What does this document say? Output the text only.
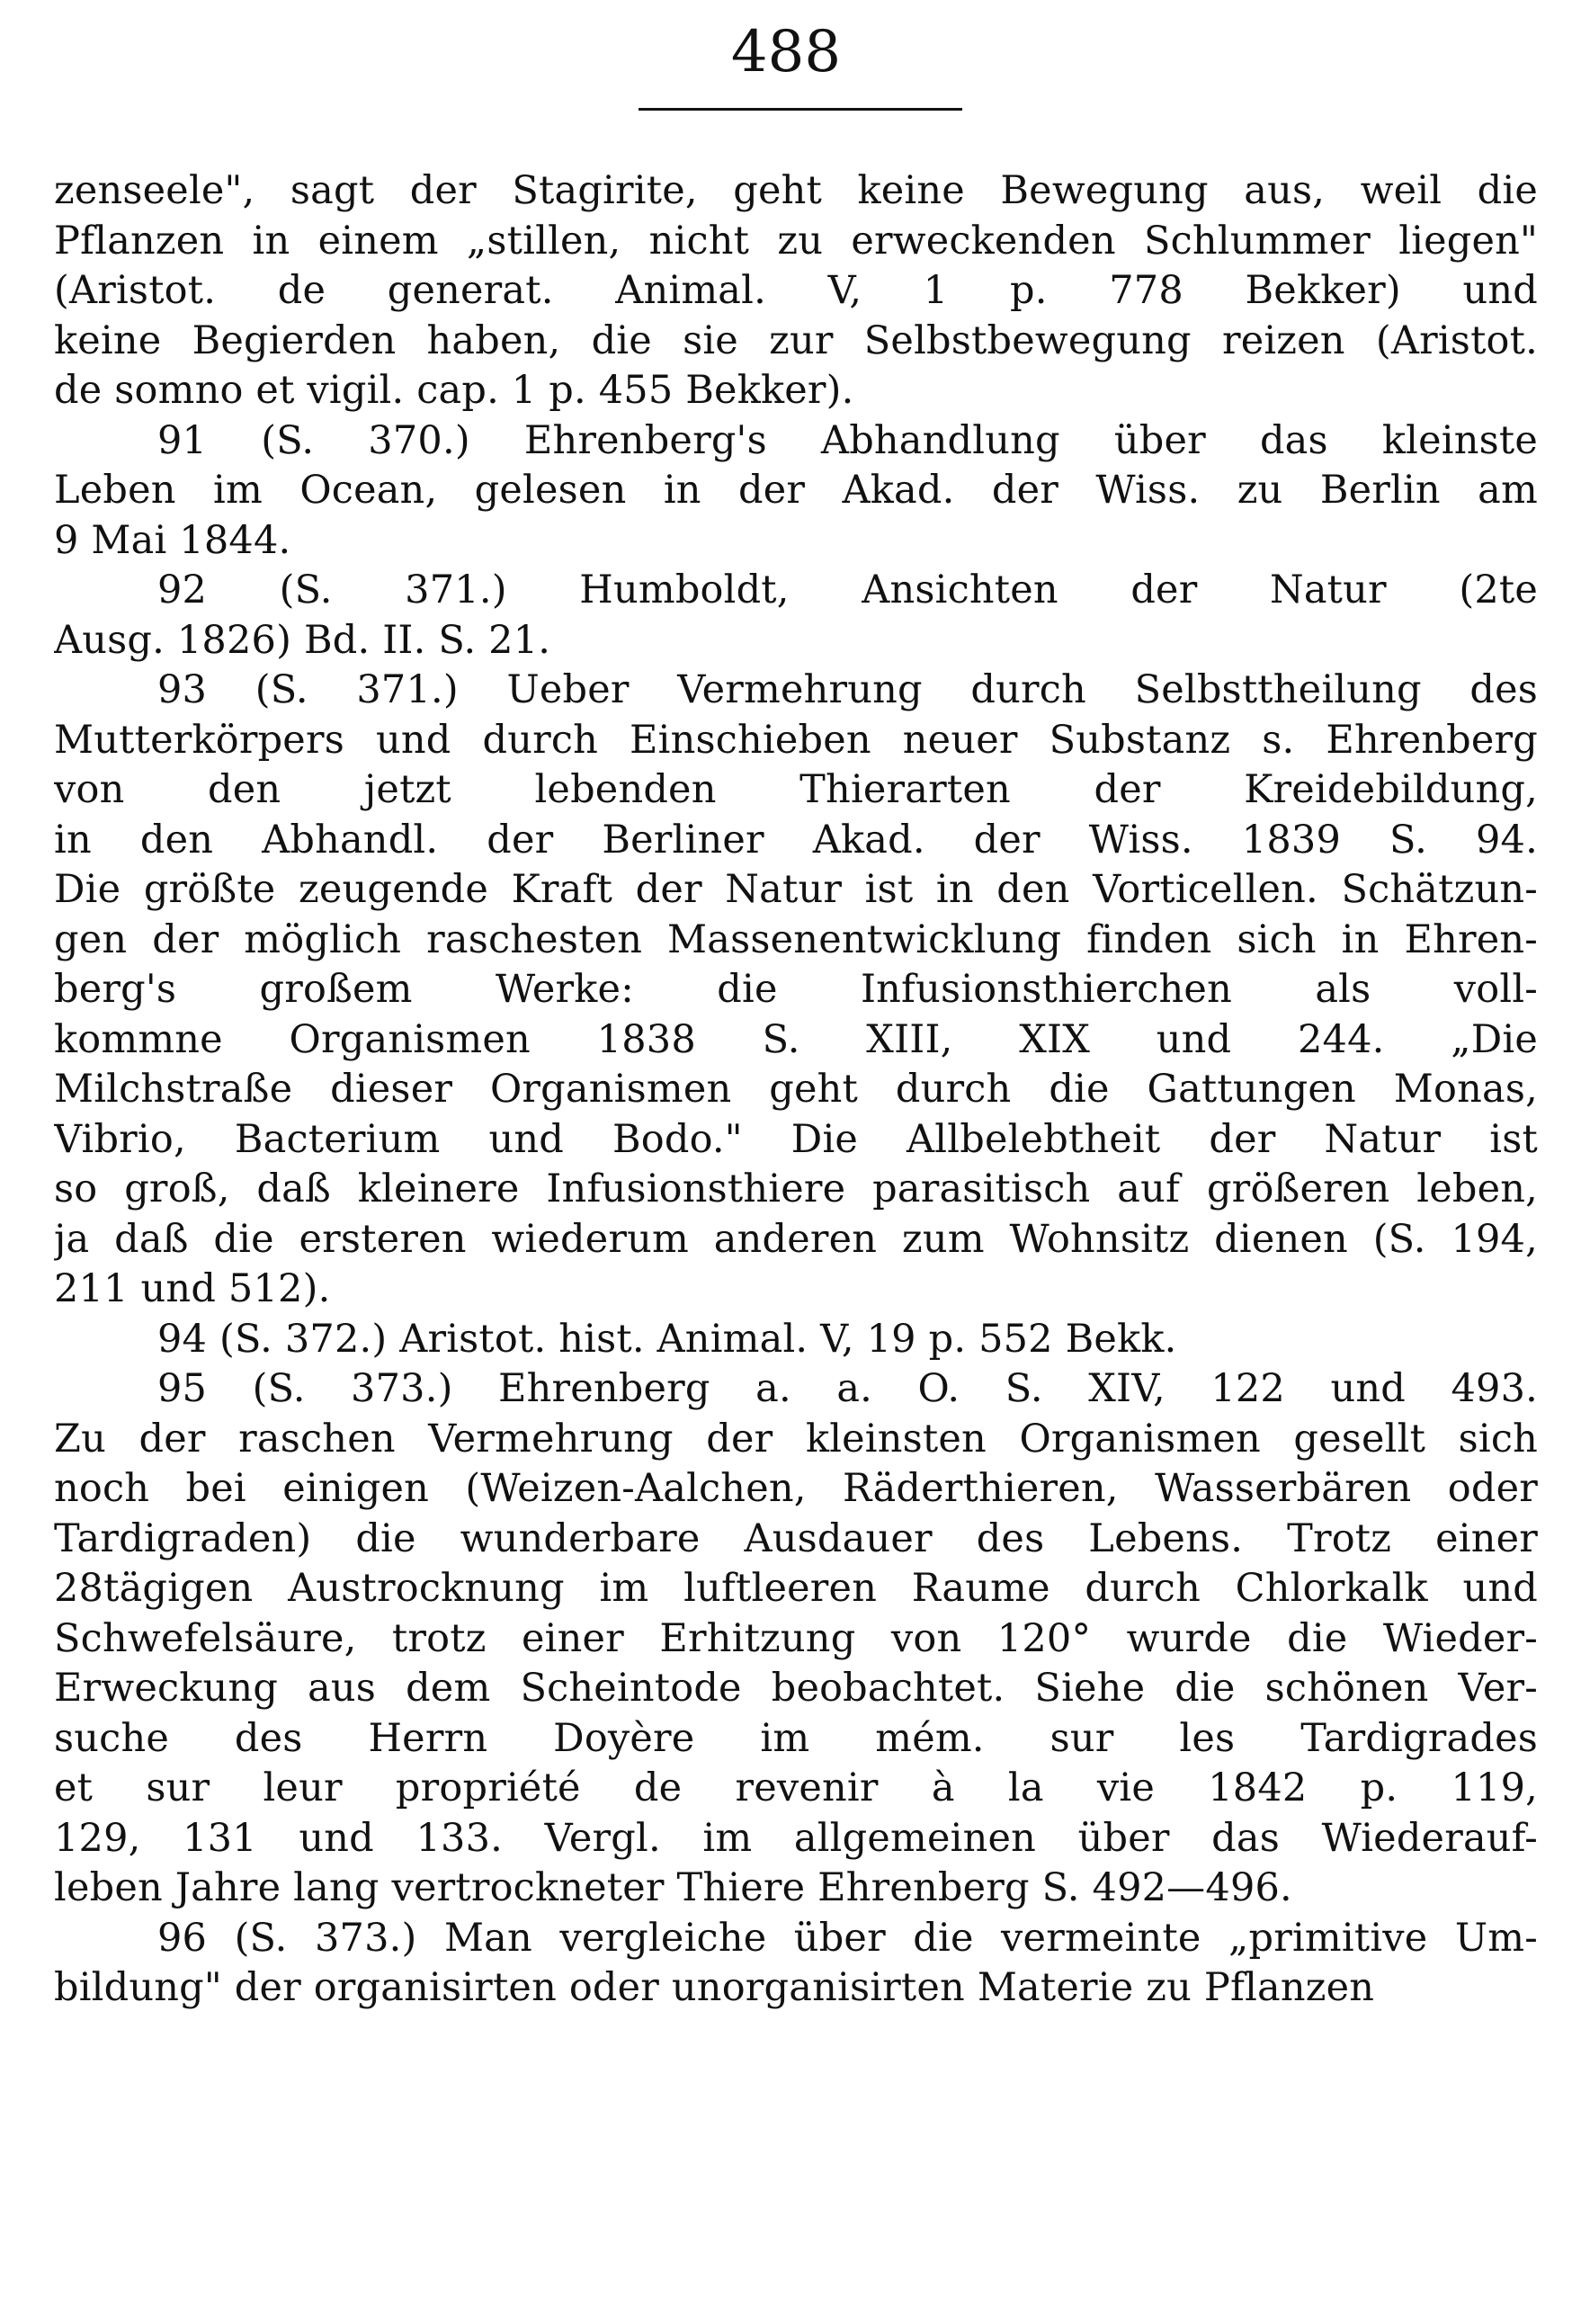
488
zenseele", sagt der Stagirite, geht keine Bewegung aus, weil die
Pflanzen in einem „stillen, nicht zu erweckenden Schlummer liegen"
(Aristot. de generat. Animal. V, 1 p. 778 Bekker) und
keine Begierden haben, die sie zur Selbstbewegung reizen (Aristot.
de somno et vigil. cap. 1 p. 455 Bekker).
91 (S. 370.) Ehrenberg's Abhandlung über das kleinste
Leben im Ocean, gelesen in der Akad. der Wiss. zu Berlin am
9 Mai 1844.
92 (S. 371.) Humboldt, Ansichten der Natur (2te
Ausg. 1826) Bd. II. S. 21.
93 (S. 371.) Ueber Vermehrung durch Selbsttheilung des
Mutterkörpers und durch Einschieben neuer Substanz s. Ehrenberg
von den jetzt lebenden Thierarten der Kreidebildung,
in den Abhandl. der Berliner Akad. der Wiss. 1839 S. 94.
Die größte zeugende Kraft der Natur ist in den Vorticellen. Schätzun-
gen der möglich raschesten Massenentwicklung finden sich in Ehren-
berg's großem Werke: die Infusionsthierchen als voll-
kommne Organismen 1838 S. XIII, XIX und 244. „Die
Milchstraße dieser Organismen geht durch die Gattungen Monas,
Vibrio, Bacterium und Bodo." Die Allbelebtheit der Natur ist
so groß, daß kleinere Infusionsthiere parasitisch auf größeren leben,
ja daß die ersteren wiederum anderen zum Wohnsitz dienen (S. 194,
211 und 512).
94 (S. 372.) Aristot. hist. Animal. V, 19 p. 552 Bekk.
95 (S. 373.) Ehrenberg a. a. O. S. XIV, 122 und 493.
Zu der raschen Vermehrung der kleinsten Organismen gesellt sich
noch bei einigen (Weizen-Aalchen, Räderthieren, Wasserbären oder
Tardigraden) die wunderbare Ausdauer des Lebens. Trotz einer
28tägigen Austrocknung im luftleeren Raume durch Chlorkalk und
Schwefelsäure, trotz einer Erhitzung von 120° wurde die Wieder-
Erweckung aus dem Scheintode beobachtet. Siehe die schönen Ver-
suche des Herrn Doyère im mém. sur les Tardigrades
et sur leur propriété de revenir à la vie 1842 p. 119,
129, 131 und 133. Vergl. im allgemeinen über das Wiederauf-
leben Jahre lang vertrockneter Thiere Ehrenberg S. 492—496.
96 (S. 373.) Man vergleiche über die vermeinte „primitive Um-
bildung" der organisirten oder unorganisirten Materie zu Pflanzen
